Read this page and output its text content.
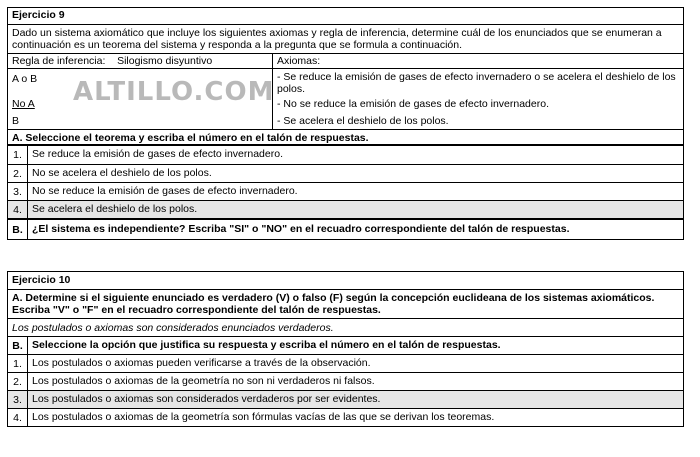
Ejercicio 9
Dado un sistema axiomático que incluye los siguientes axiomas y regla de inferencia, determine cuál de los enunciados que se enumeran a continuación es un teorema del sistema y responda a la pregunta que se formula a continuación.
Regla de inferencia: Silogismo disyuntivo	Axiomas:
A o B
No A
B
- Se reduce la emisión de gases de efecto invernadero o se acelera el deshielo de los polos.
- No se reduce la emisión de gases de efecto invernadero.
- Se acelera el deshielo de los polos.
A. Seleccione el teorema y escriba el número en el talón de respuestas.
1. Se reduce la emisión de gases de efecto invernadero.
2. No se acelera el deshielo de los polos.
3. No se reduce la emisión de gases de efecto invernadero.
4. Se acelera el deshielo de los polos.
B. ¿El sistema es independiente? Escriba "SI" o "NO" en el recuadro correspondiente del talón de respuestas.
ALTILLO.COM
Ejercicio 10
A. Determine si el siguiente enunciado es verdadero (V) o falso (F) según la concepción euclideana de los sistemas axiomáticos. Escriba "V" o "F" en el recuadro correspondiente del talón de respuestas.
Los postulados o axiomas son considerados enunciados verdaderos.
B. Seleccione la opción que justifica su respuesta y escriba el número en el talón de respuestas.
1. Los postulados o axiomas pueden verificarse a través de la observación.
2. Los postulados o axiomas de la geometría no son ni verdaderos ni falsos.
3. Los postulados o axiomas son considerados verdaderos por ser evidentes.
4. Los postulados o axiomas de la geometría son fórmulas vacías de las que se derivan los teoremas.
